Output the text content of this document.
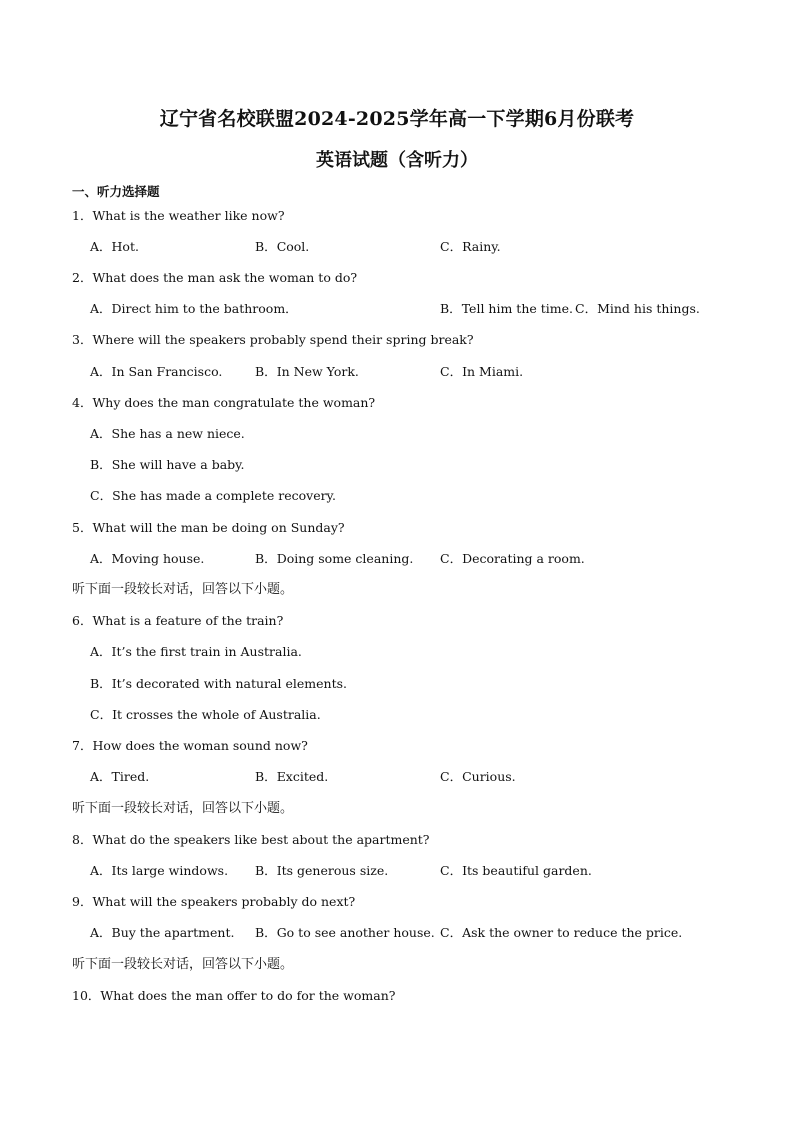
辽宁省名校联盟2024-2025学年高一下学期6月份联考
英语试题（含听力）
一、听力选择题
1．What is the weather like now?
A．Hot.	B．Cool.	C．Rainy.
2．What does the man ask the woman to do?
A．Direct him to the bathroom．	B．Tell him the time. C．Mind his things.
3．Where will the speakers probably spend their spring break?
A．In San Francisco.	B．In New York.	C．In Miami.
4．Why does the man congratulate the woman?
A．She has a new niece.
B．She will have a baby.
C．She has made a complete recovery.
5．What will the man be doing on Sunday?
A．Moving house.	B．Doing some cleaning. C．Decorating a room.
听下面一段较长对话，回答以下小题。
6．What is a feature of the train?
A．It’s the first train in Australia.
B．It’s decorated with natural elements.
C．It crosses the whole of Australia.
7．How does the woman sound now?
A．Tired.	B．Excited.	C．Curious.
听下面一段较长对话，回答以下小题。
8．What do the speakers like best about the apartment?
A．Its large windows. B．Its generous size.	C．Its beautiful garden.
9．What will the speakers probably do next?
A．Buy the apartment. B．Go to see another house. C．Ask the owner to reduce the price.
听下面一段较长对话，回答以下小题。
10．What does the man offer to do for the woman?
